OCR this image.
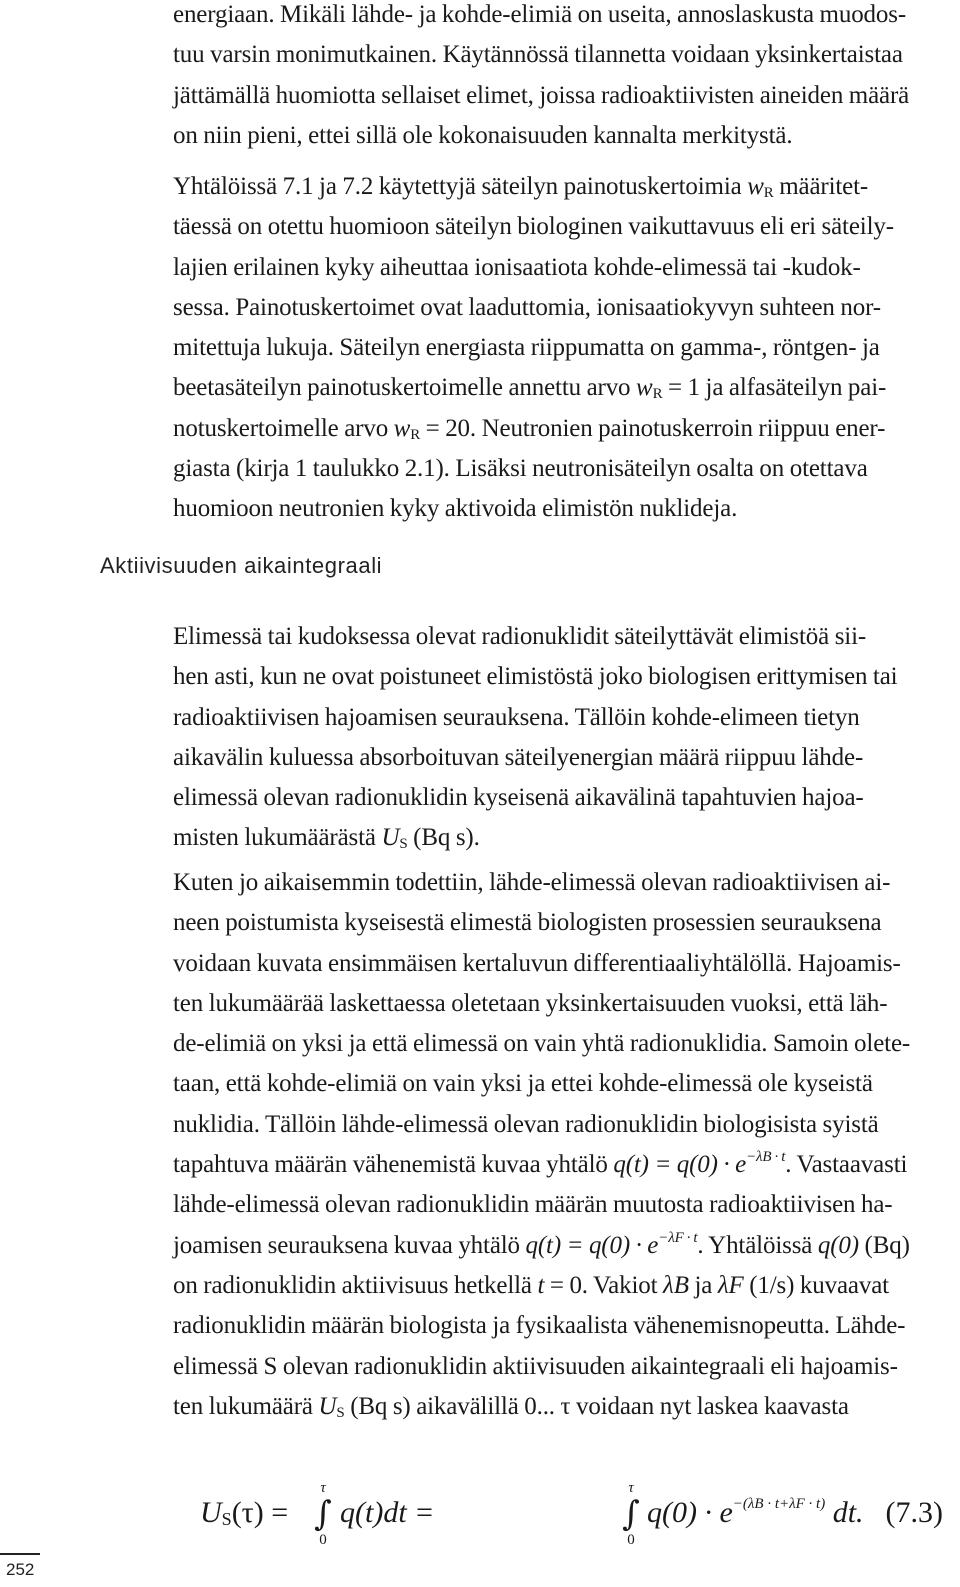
energiaan. Mikäli lähde- ja kohde-elimiä on useita, annoslaskusta muodos-
tuu varsin monimutkainen. Käytännössä tilannetta voidaan yksinkertaistaa
jättämällä huomiotta sellaiset elimet, joissa radioaktiivisten aineiden määrä
on niin pieni, ettei sillä ole kokonaisuuden kannalta merkitystä.

Yhtälöissä 7.1 ja 7.2 käytettyjä säteilyn painotuskertoimia $w_R$ määritet-
täessä on otettu huomioon säteilyn biologinen vaikuttavuus eli eri säteily-
lajien erilainen kyky aiheuttaa ionisaatiota kohde-elimessä tai -kudok-
sessa. Painotuskertoimet ovat laaduttomia, ionisaatiokyvyn suhteen nor-
mitettuja lukuja. Säteilyn energiasta riippumatta on gamma-, röntgen- ja
beetasäteilyn painotuskertoimelle annettu arvo $w_R = 1$ ja alfasäteilyn pai-
notuskertoimelle arvo $w_R = 20$. Neutronien painotuskerroin riippuu ener-
giasta (kirja 1 taulukko 2.1). Lisäksi neutronisäteilyn osalta on otettava
huomioon neutronien kyky aktivoida elimistön nuklideja.

Aktiivisuuden aikaintegraali

Elimessä tai kudoksessa olevat radionuklidit säteilyttävät elimistöä sii-
hen asti, kun ne ovat poistuneet elimistöstä joko biologisen erittymisen tai
radioaktiivisen hajoamisen seurauksena. Tällöin kohde-elimeen tietyn
aikavälin kuluessa absorboituvan säteilyenergian määrä riippuu lähde-
elimessä olevan radionuklidin kyseisenä aikavälinä tapahtuvien hajoa-
misten lukumäärästä $U_S$ (Bq s).

Kuten jo aikaisemmin todettiin, lähde-elimessä olevan radioaktiivisen ai-
neen poistumista kyseisestä elimestä biologisten prosessien seurauksena
voidaan kuvata ensimmäisen kertaluvun differentiaaliyhtälöllä. Hajoamis-
ten lukumäärää laskettaessa oletetaan yksinkertaisuuden vuoksi, että läh-
de-elimiä on yksi ja että elimessä on vain yhtä radionuklidia. Samoin olete-
taan, että kohde-elimiä on vain yksi ja ettei kohde-elimessä ole kyseistä
nuklidia. Tällöin lähde-elimessä olevan radionuklidin biologisista syistä
tapahtuva määrän vähenemistä kuvaa yhtälö $q(t) = q(0) \cdot e^{-\lambda B \cdot t}$. Vastaavasti
lähde-elimessä olevan radionuklidin määrän muutosta radioaktiivisen ha-
joamisen seurauksena kuvaa yhtälö $q(t) = q(0) \cdot e^{-\lambda F \cdot t}$. Yhtälöissä q(0) (Bq)
on radionuklidin aktiivisuus hetkellä t = 0. Vakiot λB ja λF (1/s) kuvaavat
radionuklidin määrän biologista ja fysikaalista vähenemisnopeutta. Lähde-
elimessä S olevan radionuklidin aktiivisuuden aikaintegraali eli hajoamis-
ten lukumäärä $U_S$ (Bq s) aikavälillä 0... τ voidaan nyt laskea kaavasta

$U_S(\tau)$ =
τ
∫
0
q(t)dt =
τ
∫
0
$q(0) \cdot e^{-(\lambda B \cdot t+\lambda F \cdot t)}$ dt. (7.3)
252
